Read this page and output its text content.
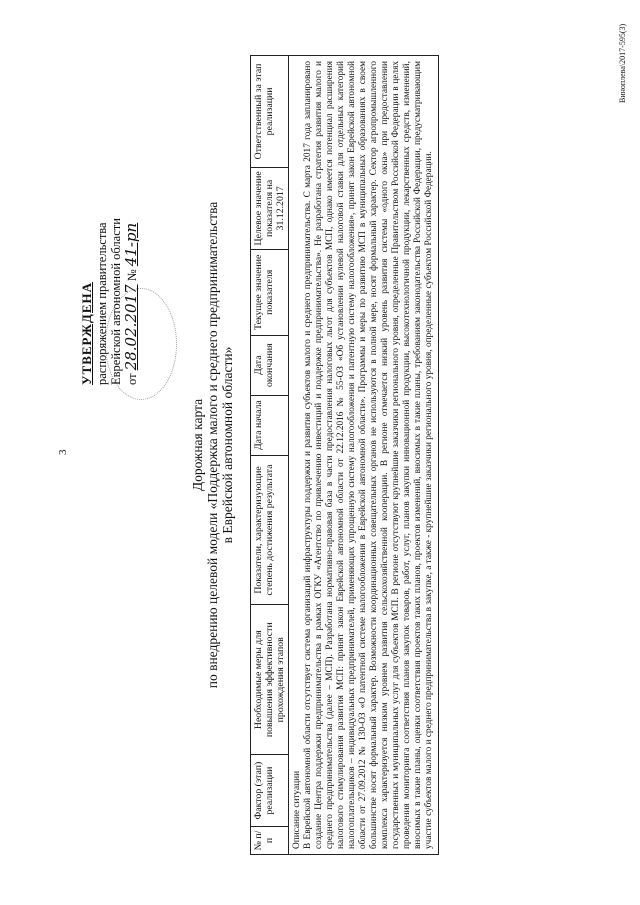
3
УТВЕРЖДЕНА распоряжением правительства Еврейской автономной области от 28.02.2017 № 41-рп
Дорожная карта по внедрению целевой модели «Поддержка малого и среднего предпринимательства в Еврейской автономной области»
№ п/п	Фактор (этап) реализации	Необходимые меры для повышения эффективности прохождения этапов	Показатели, характеризующие степень достижения результата	Дата начала	Дата окончания	Текущее значение показателя	Целевое значение показателя на 31.12.2017	Ответственный за этап реализации

Описание ситуации В Еврейской автономной области отсутствует система организаций инфраструктуры поддержки и развития субъектов малого и среднего предпринимательства. С марта 2017 года запланировано создание Центра поддержки предпринимательства в рамках ОГКУ «Агентство по привлечению инвестиций и поддержке предпринимательства». Не разработана стратегия развития малого и среднего предпринимательства (далее – МСП). Разработана нормативно-правовая база в части предоставления налоговых льгот для субъектов МСП, однако имеется потенциал расширения налогового стимулирования развития МСП: принят закон Еврейской автономной области от 22.12.2016 № 55-ОЗ «Об установлении нулевой налоговой ставки для отдельных категорий налогоплательщиков – индивидуальных предпринимателей, применяющих упрощенную систему налогообложения и патентную систему налогообложения», принят закон Еврейской автономной области от 27.09.2012 № 130-ОЗ «О патентной системе налогообложения в Еврейской автономной области». Программы и меры по развитию МСП в муниципальных образованиях в своем большинстве носят формальный характер. Возможности координационных совещательных органов не используются в полной мере, носят формальный характер. Сектор агропромышленного комплекса характеризуется низким уровнем развития сельскохозяйственной кооперации. В регионе отмечается низкий уровень развития системы «одного окна» при предоставлении государственных и муниципальных услуг для субъектов МСП. В регионе отсутствуют крупнейшие заказчики регионального уровня, определенные Правительством Российской Федерации в целях проведения мониторинга соответствия планов закупок товаров, работ, услуг, планов закупки инновационной продукции, высокотехнологичной продукции, лекарственных средств, изменений, вносимых в такие планы, оценки соответствия проектов таких планов, проектов изменений, вносимых в такие планы, требованиям законодательства Российской Федерации, предусматривающим участие субъектов малого и среднего предпринимательства в закупке, а также - крупнейшие заказчики регионального уровня, определенные субъектом Российской Федерации.
Виноплева\2017-595(3)
